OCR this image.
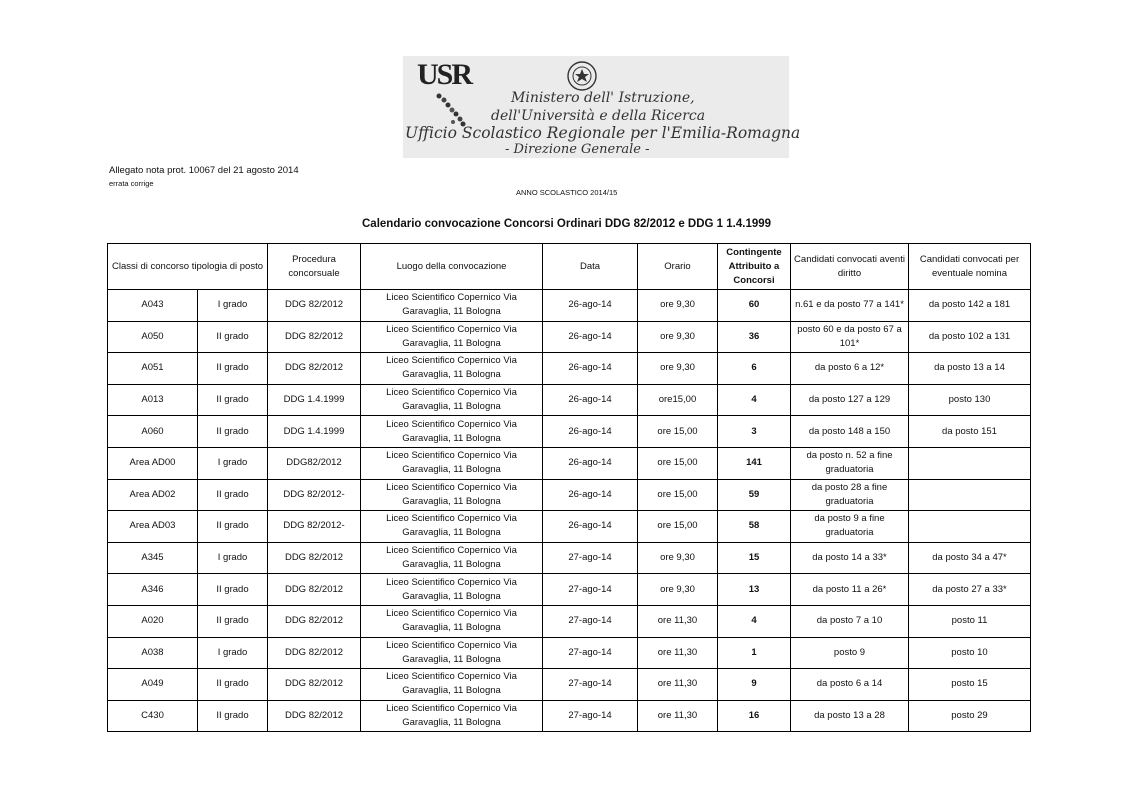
USR
Ministero dell' Istruzione,
dell'Università e della Ricerca
Ufficio Scolastico Regionale per l'Emilia-Romagna
- Direzione Generale -
Allegato nota prot. 10067 del 21 agosto 2014
errata corrige
ANNO SCOLASTICO 2014/15
Calendario convocazione Concorsi Ordinari DDG 82/2012 e DDG 1 1.4.1999
Classi di concorso tipologia di posto		Procedura concorsuale	Luogo della convocazione	Data	Orario	Contingente Attribuito a Concorsi	Candidati convocati aventi diritto	Candidati convocati per eventuale nomina
A043	I grado	DDG 82/2012	Liceo Scientifico Copernico Via Garavaglia, 11 Bologna	26-ago-14	ore 9,30	60	n.61 e da posto 77 a 141*	da posto 142 a 181
A050	II grado	DDG 82/2012	Liceo Scientifico Copernico Via Garavaglia, 11 Bologna	26-ago-14	ore 9,30	36	posto 60 e da posto 67 a 101*	da posto 102 a 131
A051	II grado	DDG 82/2012	Liceo Scientifico Copernico Via Garavaglia, 11 Bologna	26-ago-14	ore 9,30	6	da posto 6 a 12*	da posto 13 a 14
A013	II grado	DDG 1.4.1999	Liceo Scientifico Copernico Via Garavaglia, 11 Bologna	26-ago-14	ore15,00	4	da posto 127 a 129	posto 130
A060	II grado	DDG 1.4.1999	Liceo Scientifico Copernico Via Garavaglia, 11 Bologna	26-ago-14	ore 15,00	3	da posto 148 a 150	da posto 151
Area AD00	I grado	DDG82/2012	Liceo Scientifico Copernico Via Garavaglia, 11 Bologna	26-ago-14	ore 15,00	141	da posto n. 52 a fine graduatoria	
Area AD02	II grado	DDG 82/2012-	Liceo Scientifico Copernico Via Garavaglia, 11 Bologna	26-ago-14	ore 15,00	59	da posto 28 a fine graduatoria	
Area AD03	II grado	DDG 82/2012-	Liceo Scientifico Copernico Via Garavaglia, 11 Bologna	26-ago-14	ore 15,00	58	da posto 9 a fine graduatoria	
A345	I grado	DDG 82/2012	Liceo Scientifico Copernico Via Garavaglia, 11 Bologna	27-ago-14	ore 9,30	15	da posto 14 a 33*	da posto 34 a 47*
A346	II grado	DDG 82/2012	Liceo Scientifico Copernico Via Garavaglia, 11 Bologna	27-ago-14	ore 9,30	13	da posto 11 a 26*	da posto 27 a 33*
A020	II grado	DDG 82/2012	Liceo Scientifico Copernico Via Garavaglia, 11 Bologna	27-ago-14	ore 11,30	4	da posto 7 a 10	posto 11
A038	I grado	DDG 82/2012	Liceo Scientifico Copernico Via Garavaglia, 11 Bologna	27-ago-14	ore 11,30	1	posto 9	posto 10
A049	II grado	DDG 82/2012	Liceo Scientifico Copernico Via Garavaglia, 11 Bologna	27-ago-14	ore 11,30	9	da posto 6 a 14	posto 15
C430	II grado	DDG 82/2012	Liceo Scientifico Copernico Via Garavaglia, 11 Bologna	27-ago-14	ore 11,30	16	da posto 13 a 28	posto 29
